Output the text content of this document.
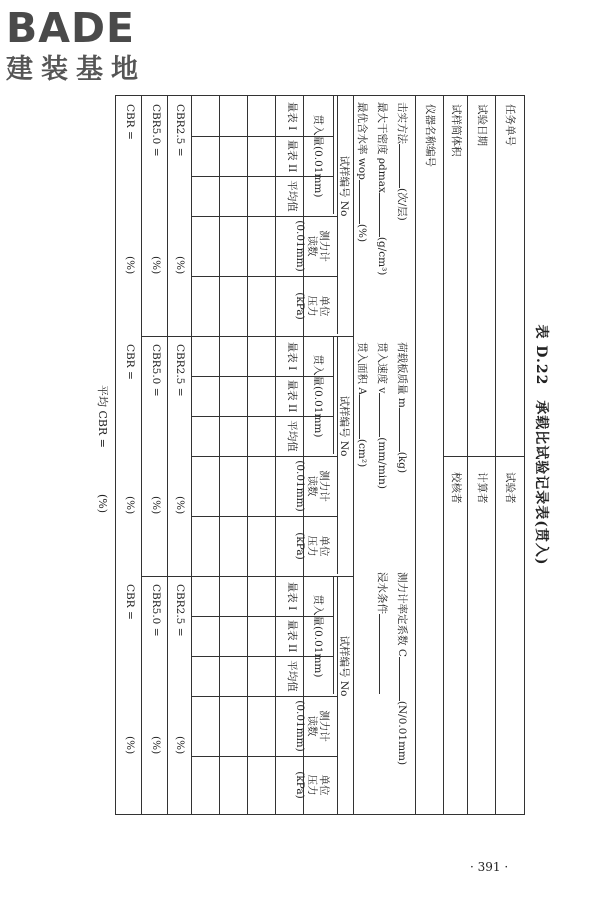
BADE
建装基地
表 D.22　承载比试验记录表(贯入)
任务单号
试验日期
试样简体积
仪器名称编号
试验者
计算者
校核者
击实方法(次/层)
最大干密度 ρdmax(g/cm³)
最优含水率 wop(%)
荷载板质量 m(kg)
贯入速度 v(mm/min)
贯入面积 A(cm²)
测力计率定系数 C(N/0.01mm)
浸水条件
试样编号 No
贯入量(0.01mm)
量表 I
量表 II
平均值
测力计
读数
(0.01mm)
单位
压力
(kPa)
试样编号 No
贯入量(0.01mm)
量表 I
量表 II
平均值
测力计
读数
(0.01mm)
单位
压力
(kPa)
试样编号 No
贯入量(0.01mm)
量表 I
量表 II
平均值
测力计
读数
(0.01mm)
单位
压力
(kPa)
CBR2.5 =
(%)
CBR5.0 =
(%)
CBR =
(%)
CBR2.5 =
(%)
CBR5.0 =
(%)
CBR =
(%)
CBR2.5 =
(%)
CBR5.0 =
(%)
CBR =
(%)
平均 CBR =(%)
· 391 ·
